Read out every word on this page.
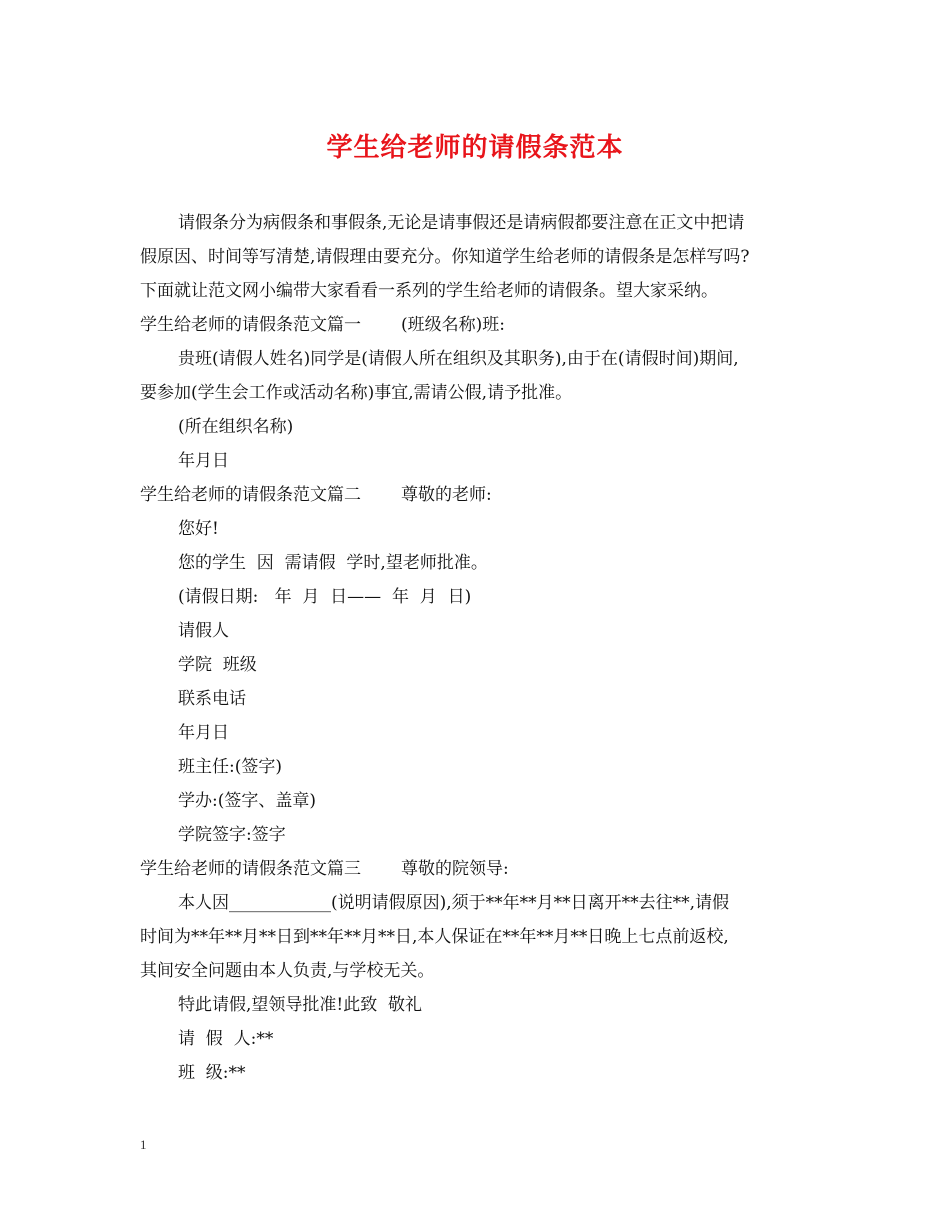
学生给老师的请假条范本

请假条分为病假条和事假条,无论是请事假还是请病假都要注意在正文中把请

假原因、时间等写清楚,请假理由要充分。你知道学生给老师的请假条是怎样写吗?

下面就让范文网小编带大家看看一系列的学生给老师的请假条。望大家采纳。

学生给老师的请假条范文篇一 (班级名称)班:

贵班(请假人姓名)同学是(请假人所在组织及其职务),由于在(请假时间)期间,

要参加(学生会工作或活动名称)事宜,需请公假,请予批准。

(所在组织名称)

年月日

学生给老师的请假条范文篇二 尊敬的老师:

您好!

您的学生  因  需请假  学时,望老师批准。

(请假日期:   年  月  日——  年  月  日)

请假人

学院  班级

联系电话

年月日

班主任:(签字)

学办:(签字、盖章)

学院签字:签字

学生给老师的请假条范文篇三 尊敬的院领导:

本人因____________(说明请假原因),须于**年**月**日离开**去往**,请假

时间为**年**月**日到**年**月**日,本人保证在**年**月**日晚上七点前返校,

其间安全问题由本人负责,与学校无关。

特此请假,望领导批准!此致  敬礼

请  假  人:**

班  级:**

1
